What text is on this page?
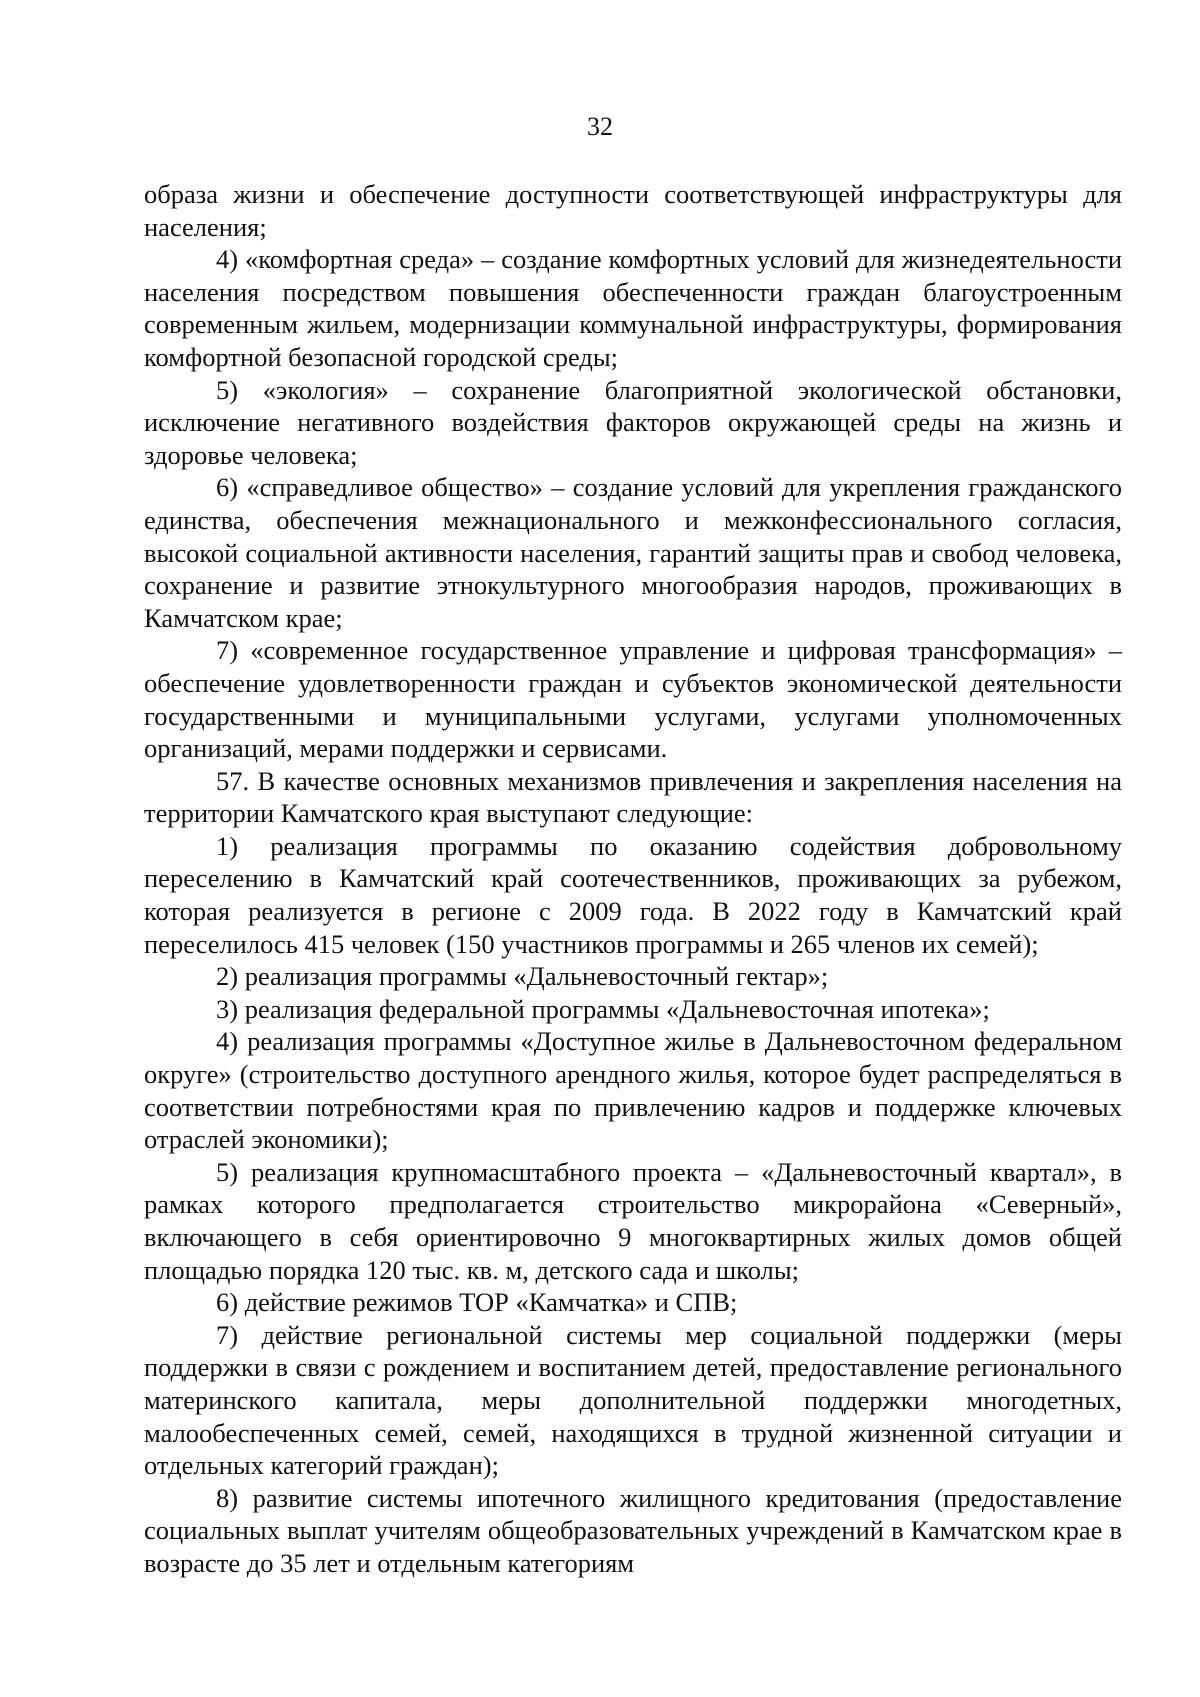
32

образа жизни и обеспечение доступности соответствующей инфраструктуры для населения;

4) «комфортная среда» – создание комфортных условий для жизнедеятельности населения посредством повышения обеспеченности граждан благоустроенным современным жильем, модернизации коммунальной инфраструктуры, формирования комфортной безопасной городской среды;

5) «экология» – сохранение благоприятной экологической обстановки, исключение негативного воздействия факторов окружающей среды на жизнь и здоровье человека;

6) «справедливое общество» – создание условий для укрепления гражданского единства, обеспечения межнационального и межконфессионального согласия, высокой социальной активности населения, гарантий защиты прав и свобод человека, сохранение и развитие этнокультурного многообразия народов, проживающих в Камчатском крае;

7) «современное государственное управление и цифровая трансформация» – обеспечение удовлетворенности граждан и субъектов экономической деятельности государственными и муниципальными услугами, услугами уполномоченных организаций, мерами поддержки и сервисами.

57. В качестве основных механизмов привлечения и закрепления населения на территории Камчатского края выступают следующие:

1) реализация программы по оказанию содействия добровольному переселению в Камчатский край соотечественников, проживающих за рубежом, которая реализуется в регионе с 2009 года. В 2022 году в Камчатский край переселилось 415 человек (150 участников программы и 265 членов их семей);

2) реализация программы «Дальневосточный гектар»;

3) реализация федеральной программы «Дальневосточная ипотека»;

4) реализация программы «Доступное жилье в Дальневосточном федеральном округе» (строительство доступного арендного жилья, которое будет распределяться в соответствии потребностями края по привлечению кадров и поддержке ключевых отраслей экономики);

5) реализация крупномасштабного проекта – «Дальневосточный квартал», в рамках которого предполагается строительство микрорайона «Северный», включающего в себя ориентировочно 9 многоквартирных жилых домов общей площадью порядка 120 тыс. кв. м, детского сада и школы;

6) действие режимов ТОР «Камчатка» и СПВ;

7) действие региональной системы мер социальной поддержки (меры поддержки в связи с рождением и воспитанием детей, предоставление регионального материнского капитала, меры дополнительной поддержки многодетных, малообеспеченных семей, семей, находящихся в трудной жизненной ситуации и отдельных категорий граждан);

8) развитие системы ипотечного жилищного кредитования (предоставление социальных выплат учителям общеобразовательных учреждений в Камчатском крае в возрасте до 35 лет и отдельным категориям
